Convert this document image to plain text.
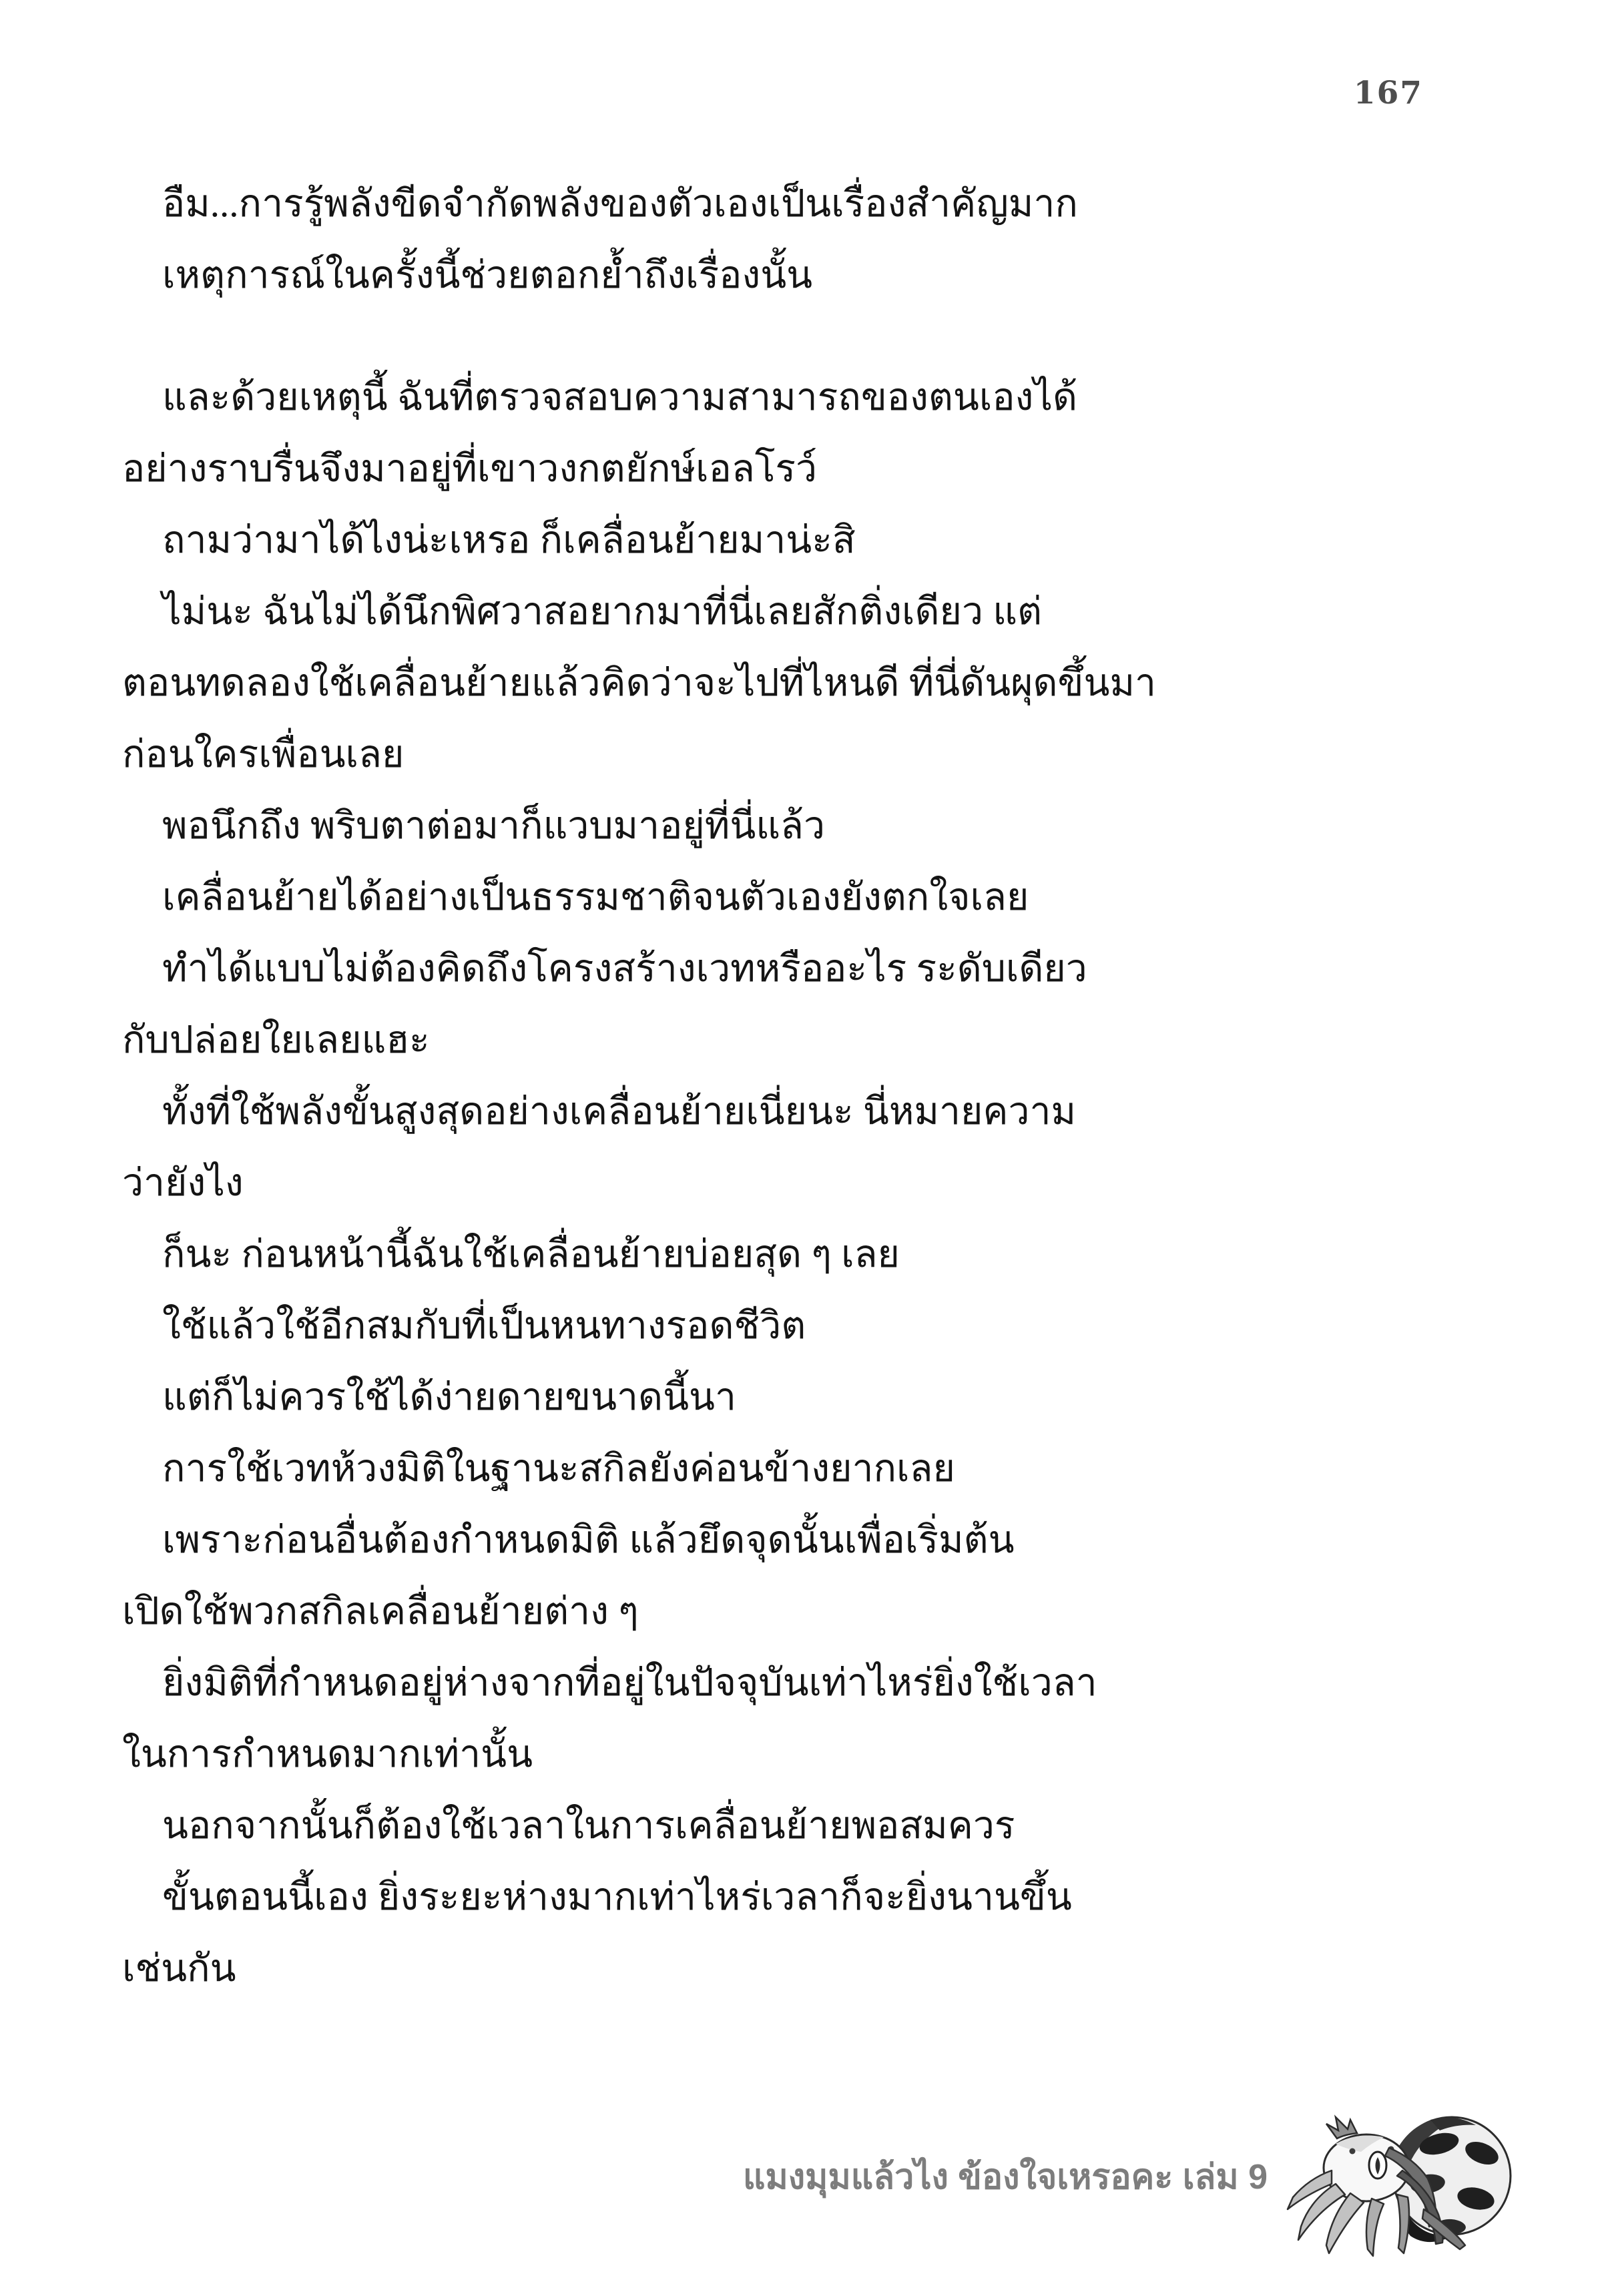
167
อืม...การรู้พลังขีดจำกัดพลังของตัวเองเป็นเรื่องสำคัญมาก
เหตุการณ์ในครั้งนี้ช่วยตอกย้ำถึงเรื่องนั้น
และด้วยเหตุนี้ ฉันที่ตรวจสอบความสามารถของตนเองได้
อย่างราบรื่นจึงมาอยู่ที่เขาวงกตยักษ์เอลโรว์
ถามว่ามาได้ไงน่ะเหรอ ก็เคลื่อนย้ายมาน่ะสิ
ไม่นะ ฉันไม่ได้นึกพิศวาสอยากมาที่นี่เลยสักติ่งเดียว แต่
ตอนทดลองใช้เคลื่อนย้ายแล้วคิดว่าจะไปที่ไหนดี ที่นี่ดันผุดขึ้นมา
ก่อนใครเพื่อนเลย
พอนึกถึง พริบตาต่อมาก็แวบมาอยู่ที่นี่แล้ว
เคลื่อนย้ายได้อย่างเป็นธรรมชาติจนตัวเองยังตกใจเลย
ทำได้แบบไม่ต้องคิดถึงโครงสร้างเวทหรืออะไร ระดับเดียว
กับปล่อยใยเลยแฮะ
ทั้งที่ใช้พลังขั้นสูงสุดอย่างเคลื่อนย้ายเนี่ยนะ นี่หมายความ
ว่ายังไง
ก็นะ ก่อนหน้านี้ฉันใช้เคลื่อนย้ายบ่อยสุด ๆ เลย
ใช้แล้วใช้อีกสมกับที่เป็นหนทางรอดชีวิต
แต่ก็ไม่ควรใช้ได้ง่ายดายขนาดนี้นา
การใช้เวทห้วงมิติในฐานะสกิลยังค่อนข้างยากเลย
เพราะก่อนอื่นต้องกำหนดมิติ แล้วยึดจุดนั้นเพื่อเริ่มต้น
เปิดใช้พวกสกิลเคลื่อนย้ายต่าง ๆ
ยิ่งมิติที่กำหนดอยู่ห่างจากที่อยู่ในปัจจุบันเท่าไหร่ยิ่งใช้เวลา
ในการกำหนดมากเท่านั้น
นอกจากนั้นก็ต้องใช้เวลาในการเคลื่อนย้ายพอสมควร
ขั้นตอนนี้เอง ยิ่งระยะห่างมากเท่าไหร่เวลาก็จะยิ่งนานขึ้น
เช่นกัน
แมงมุมแล้วไง ข้องใจเหรอคะ เล่ม 9
